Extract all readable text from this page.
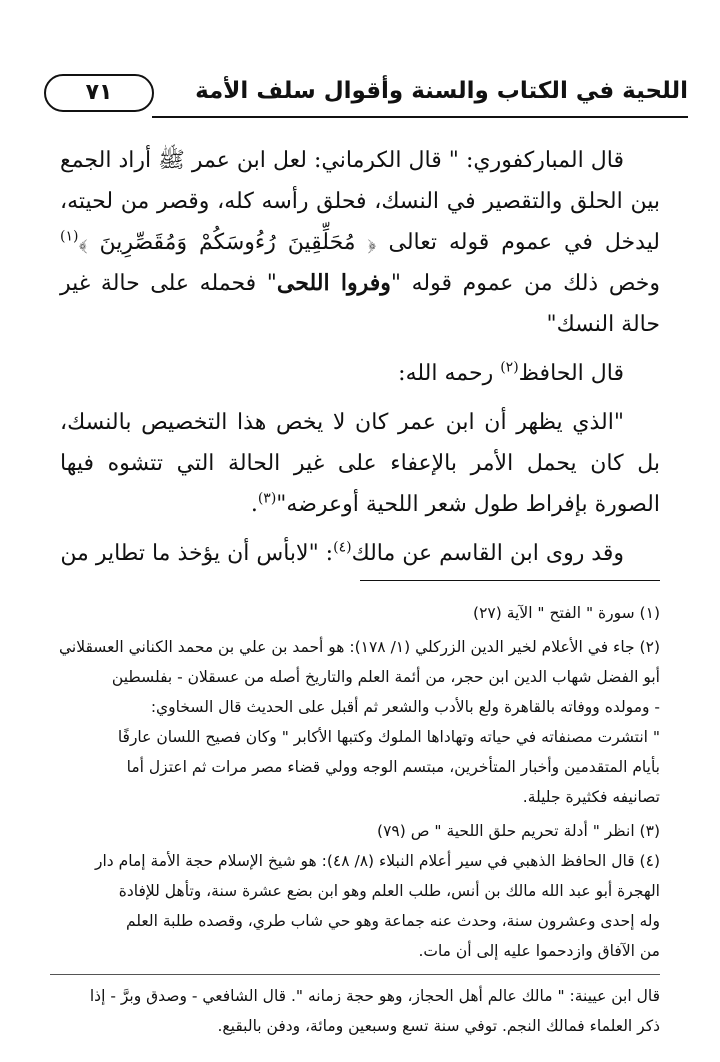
اللحية في الكتاب والسنة وأقوال سلف الأمة
٧١

قال المباركفوري: " قال الكرماني: لعل ابن عمر ﷺ أراد الجمع بين الحلق والتقصير في النسك، فحلق رأسه كله، وقصر من لحيته، ليدخل في عموم قوله تعالى ﴿ مُحَلِّقِينَ رُءُوسَكُمْ وَمُقَصِّرِينَ ﴾$^{(١)}$ وخص ذلك من عموم قوله "وفروا اللحى" فحمله على حالة غير حالة النسك"

قال الحافظ$^{(٢)}$ رحمه الله:

"الذي يظهر أن ابن عمر كان لا يخص هذا التخصيص بالنسك، بل كان يحمل الأمر بالإعفاء على غير الحالة التي تتشوه فيها الصورة بإفراط طول شعر اللحية أوعرضه"$^{(٣)}$.

وقد روى ابن القاسم عن مالك$^{(٤)}$: "لابأس أن يؤخذ ما تطاير من

(١) سورة " الفتح " الآية (٢٧)

(٢) جاء في الأعلام لخير الدين الزركلي (١/ ١٧٨): هو أحمد بن علي بن محمد الكناني العسقلاني

أبو الفضل شهاب الدين ابن حجر، من أئمة العلم والتاريخ أصله من عسقلان - بفلسطين

- ومولده ووفاته بالقاهرة ولع بالأدب والشعر ثم أقبل على الحديث قال السخاوي:

" انتشرت مصنفاته في حياته وتهاداها الملوك وكتبها الأكابر " وكان فصيح اللسان عارفًا

بأيام المتقدمين وأخبار المتأخرين، مبتسم الوجه وولي قضاء مصر مرات ثم اعتزل أما

تصانيفه فكثيرة جليلة.

(٣) انظر " أدلة تحريم حلق اللحية " ص (٧٩)

(٤) قال الحافظ الذهبي في سير أعلام النبلاء (٨/ ٤٨): هو شيخ الإسلام حجة الأمة إمام دار

الهجرة أبو عبد الله مالك بن أنس، طلب العلم وهو ابن بضع عشرة سنة، وتأهل للإفادة

وله إحدى وعشرون سنة، وحدث عنه جماعة وهو حي شاب طري، وقصده طلبة العلم

من الآفاق وازدحموا عليه إلى أن مات.

قال ابن عيينة: " مالك عالم أهل الحجاز، وهو حجة زمانه ". قال الشافعي - وصدق وبرَّ - إذا

ذكر العلماء فمالك النجم. توفي سنة تسع وسبعين ومائة، ودفن بالبقيع.
